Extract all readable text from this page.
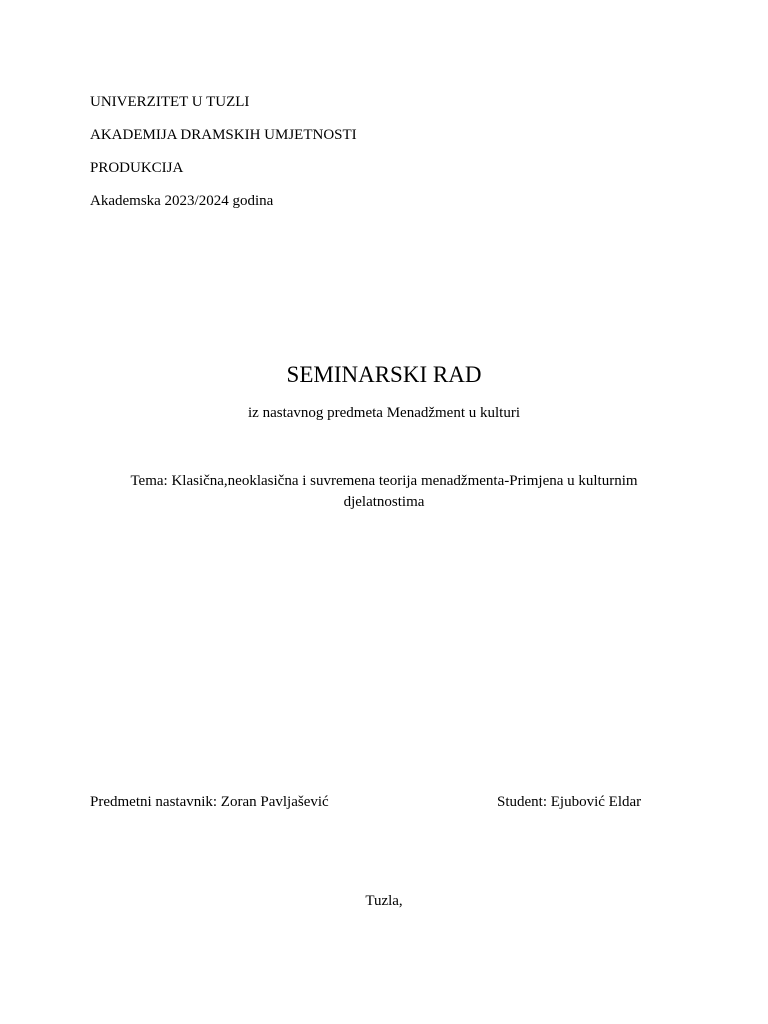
UNIVERZITET U TUZLI
AKADEMIJA DRAMSKIH UMJETNOSTI
PRODUKCIJA
Akademska 2023/2024 godina
SEMINARSKI RAD
iz nastavnog predmeta Menadžment u kulturi
Tema: Klasična,neoklasična i suvremena teorija menadžmenta-Primjena u kulturnim djelatnostima
Predmetni nastavnik: Zoran Pavljašević	Student: Ejubović Eldar
Tuzla,
